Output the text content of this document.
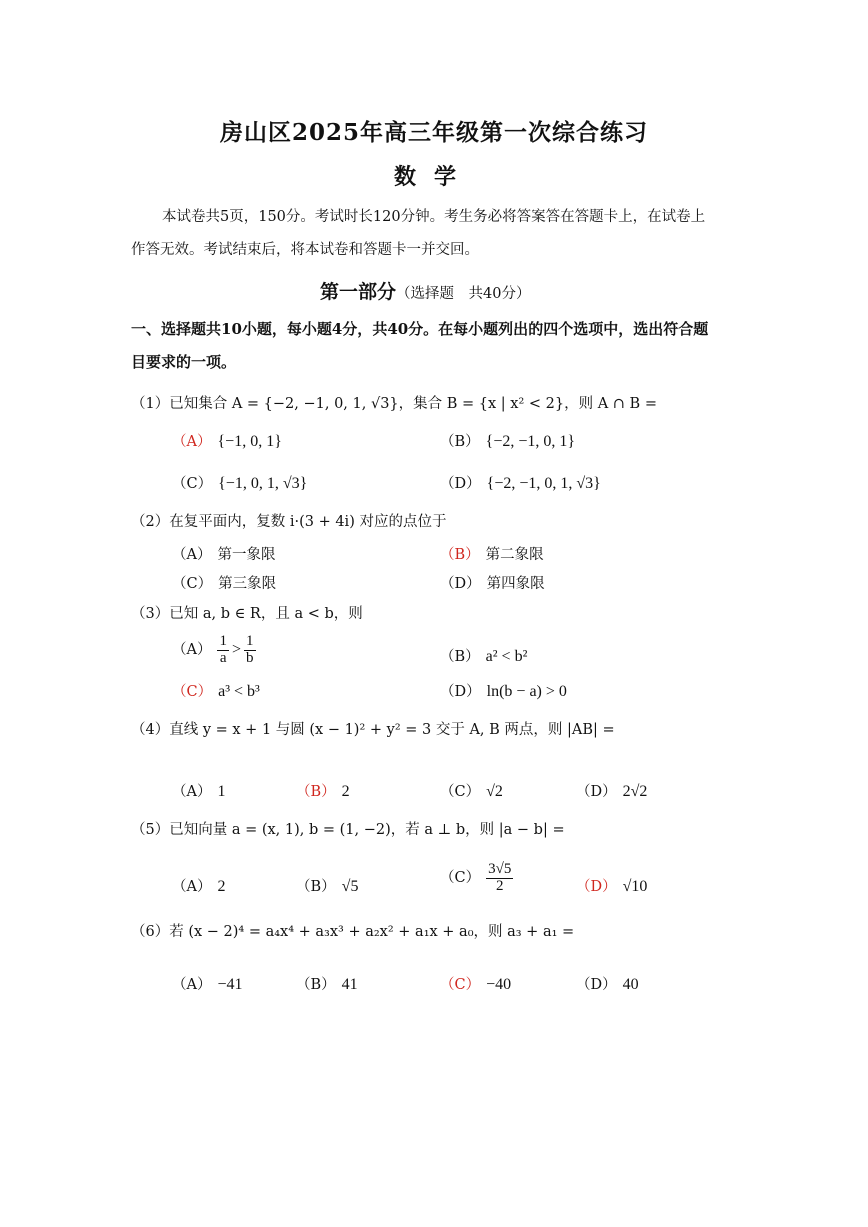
房山区2025年高三年级第一次综合练习
数学
本试卷共5页，150分。考试时长120分钟。考生务必将答案答在答题卡上，在试卷上
作答无效。考试结束后，将本试卷和答题卡一并交回。
第一部分（选择题　共40分）
一、选择题共10小题，每小题4分，共40分。在每小题列出的四个选项中，选出符合题
目要求的一项。
（1）已知集合 A = {−2, −1, 0, 1, √3}，集合 B = {x | x² < 2}，则 A ∩ B =
（A） {−1, 0, 1}	（B） {−2, −1, 0, 1}
（C） {−1, 0, 1, √3}	（D） {−2, −1, 0, 1, √3}
（2）在复平面内，复数 i·(3 + 4i) 对应的点位于
（A） 第一象限	（B） 第二象限
（C） 第三象限	（D） 第四象限
（3）已知 a, b ∈ R，且 a < b，则
$(A) \frac{1}{a} > \frac{1}{b}$	（B） a² < b²
（C） a³ < b³	（D） ln(b − a) > 0
（4）直线 y = x + 1 与圆 (x − 1)² + y² = 3 交于 A, B 两点，则 |AB| =
（A） 1	（B） 2	（C） √2	（D） 2√2
（5）已知向量 a = (x, 1), b = (1, −2)，若 a ⊥ b，则 |a − b| =
（A） 2	（B） √5	$(C) \frac{3√5}{2}$	（D） √10
（6）若 (x − 2)⁴ = a₄x⁴ + a₃x³ + a₂x² + a₁x + a₀，则 a₃ + a₁ =
（A） −41	（B） 41	（C） −40	（D） 40
